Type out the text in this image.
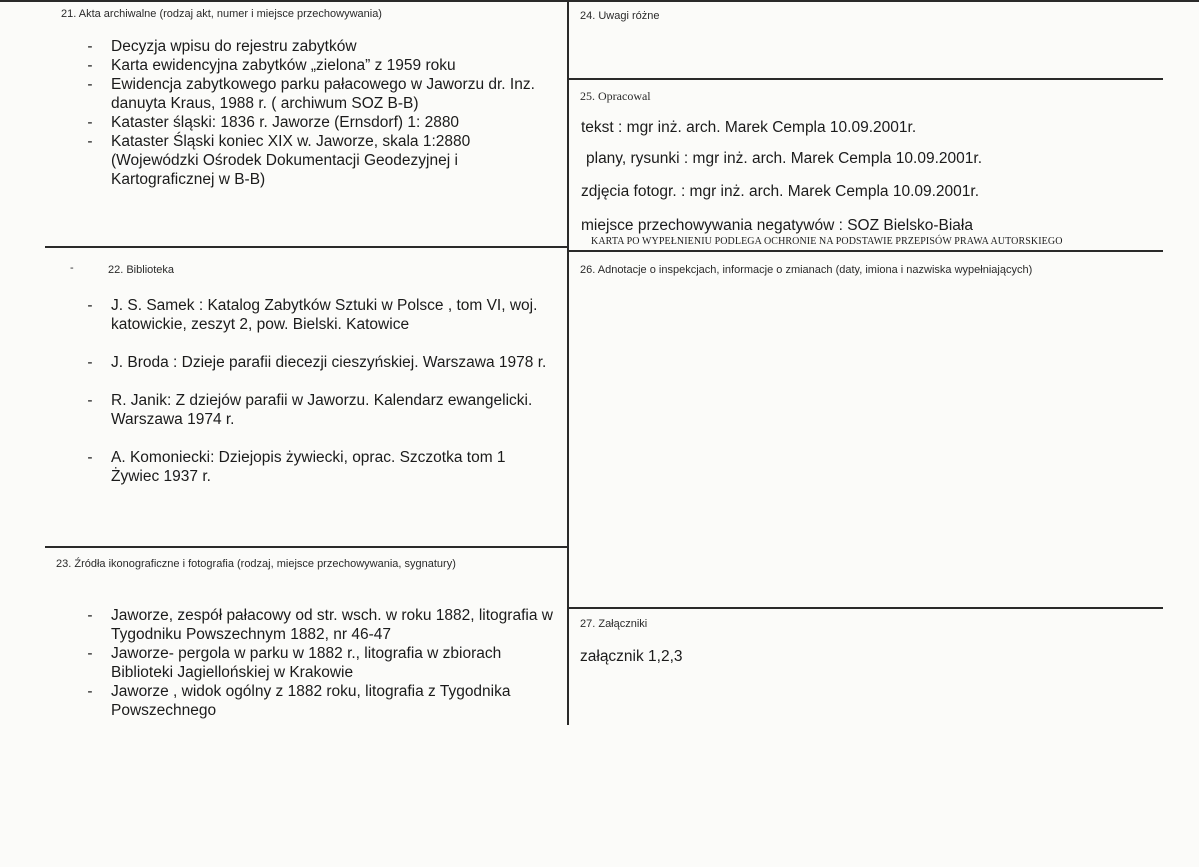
21. Akta archiwalne (rodzaj akt, numer i miejsce przechowywania)
- Decyzja wpisu do rejestru zabytków
- Karta ewidencyjna zabytków „zielona” z 1959 roku
- Ewidencja zabytkowego parku pałacowego w Jaworzu dr. Inz. danuyta Kraus, 1988 r. ( archiwum SOZ B-B)
- Kataster śląski: 1836 r. Jaworze (Ernsdorf) 1: 2880
- Kataster Śląski koniec XIX w. Jaworze, skala 1:2880 (Wojewódzki Ośrodek Dokumentacji Geodezyjnej i Kartograficznej w B-B)
-	22. Biblioteka
- J. S. Samek : Katalog Zabytków Sztuki w Polsce , tom VI, woj. katowickie, zeszyt 2, pow. Bielski. Katowice
- J. Broda : Dzieje parafii diecezji cieszyńskiej. Warszawa 1978 r.
- R. Janik: Z dziejów parafii w Jaworzu. Kalendarz ewangelicki. Warszawa 1974 r.
- A. Komoniecki: Dziejopis żywiecki, oprac. Szczotka tom 1 Żywiec 1937 r.
23. Źródła ikonograficzne i fotografia (rodzaj, miejsce przechowywania, sygnatury)
- Jaworze, zespół pałacowy od str. wsch. w roku 1882, litografia w Tygodniku Powszechnym 1882, nr 46-47
- Jaworze- pergola w parku w 1882 r., litografia w zbiorach Biblioteki Jagiellońskiej w Krakowie
- Jaworze , widok ogólny z 1882 roku, litografia z Tygodnika Powszechnego
24. Uwagi różne
25. Opracowal
tekst : mgr inż. arch. Marek Cempla 10.09.2001r.
plany, rysunki : mgr inż. arch. Marek Cempla 10.09.2001r.
zdjęcia fotogr. : mgr inż. arch. Marek Cempla 10.09.2001r.
miejsce przechowywania negatywów : SOZ Bielsko-Biała
KARTA PO WYPEŁNIENIU PODLEGA OCHRONIE NA PODSTAWIE PRZEPISÓW PRAWA AUTORSKIEGO
26. Adnotacje o inspekcjach, informacje o zmianach (daty, imiona i nazwiska wypełniających)
27. Załączniki
załącznik 1,2,3
